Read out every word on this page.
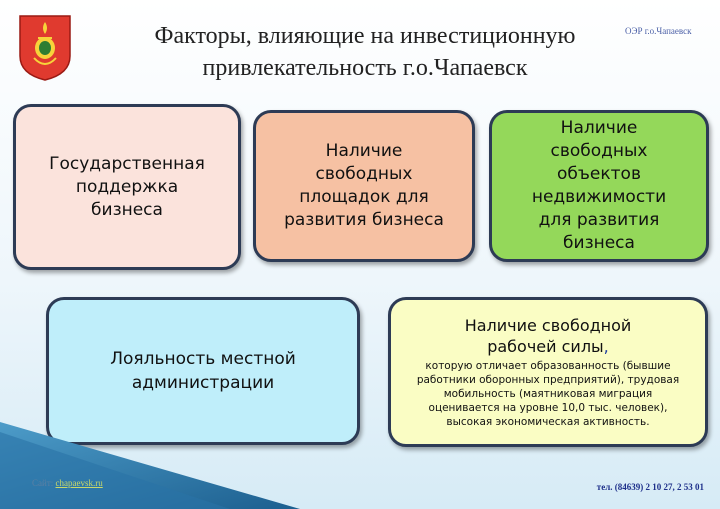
Факторы, влияющие на инвестиционную
привлекательность г.о.Чапаевск
ОЭР г.о.Чапаевск
Государственная
поддержка
бизнеса
Наличие
свободных
площадок для
развития бизнеса
Наличие
свободных
объектов
недвижимости
для развития
бизнеса
Лояльность местной
администрации
Наличие свободной
рабочей силы,
которую отличает образованность (бывшие
работники оборонных предприятий), трудовая
мобильность (маятниковая миграция
оценивается на уровне 10,0 тыс. человек),
высокая экономическая активность.
Сайт: chapaevsk.ru	тел. (84639) 2 10 27, 2 53 01
